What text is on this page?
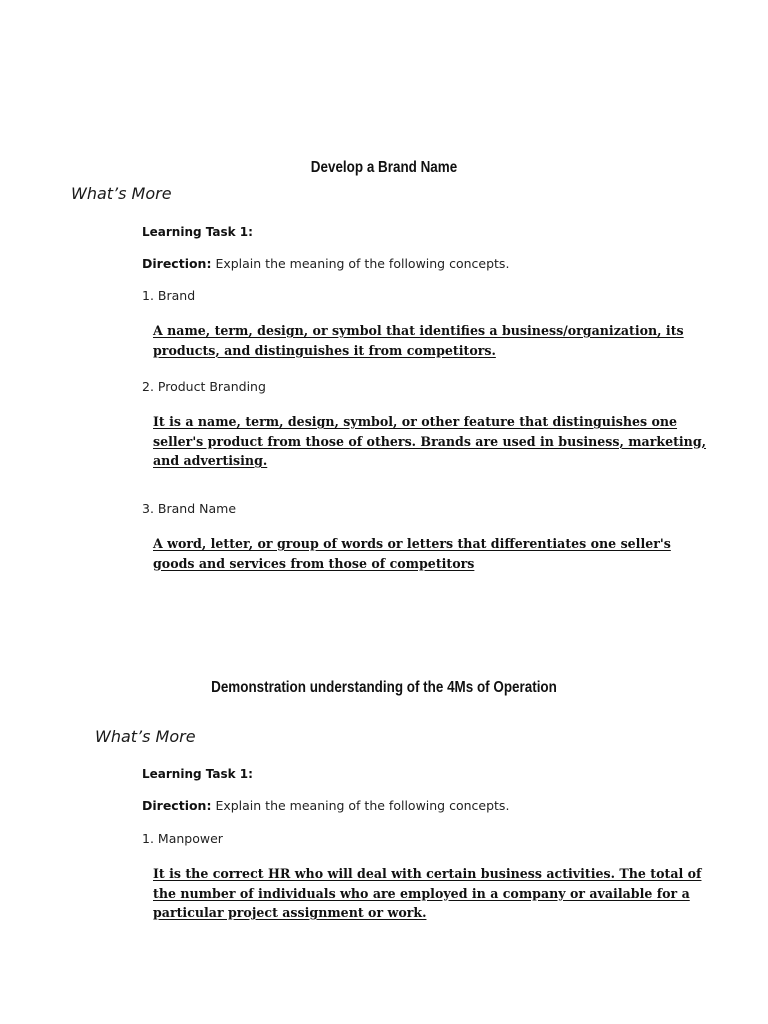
Develop a Brand Name
What’s More
Learning Task 1:
Direction: Explain the meaning of the following concepts.
1. Brand
A name, term, design, or symbol that identifies a business/organization, its
products, and distinguishes it from competitors.
2. Product Branding
It is a name, term, design, symbol, or other feature that distinguishes one
seller's product from those of others. Brands are used in business, marketing,
and advertising.
3. Brand Name
A word, letter, or group of words or letters that differentiates one seller's
goods and services from those of competitors
Demonstration understanding of the 4Ms of Operation
What’s More
Learning Task 1:
Direction: Explain the meaning of the following concepts.
1. Manpower
It is the correct HR who will deal with certain business activities. The total of
the number of individuals who are employed in a company or available for a
particular project assignment or work.
